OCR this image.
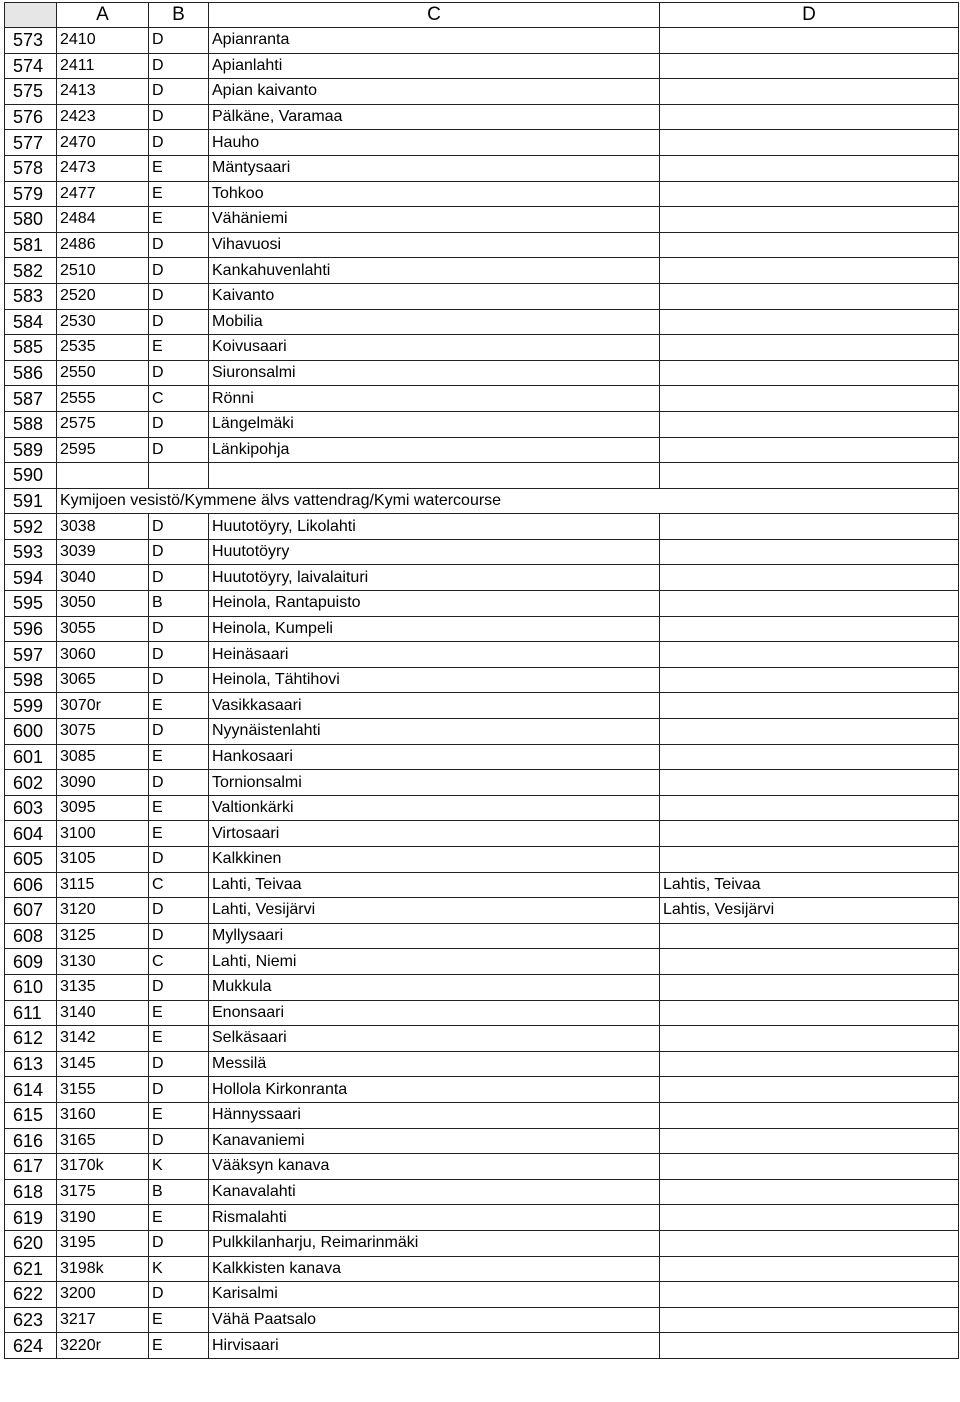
	A	B	C	D
573	2410	D	Apianranta	
574	2411	D	Apianlahti	
575	2413	D	Apian kaivanto	
576	2423	D	Pälkäne, Varamaa	
577	2470	D	Hauho	
578	2473	E	Mäntysaari	
579	2477	E	Tohkoo	
580	2484	E	Vähäniemi	
581	2486	D	Vihavuosi	
582	2510	D	Kankahuvenlahti	
583	2520	D	Kaivanto	
584	2530	D	Mobilia	
585	2535	E	Koivusaari	
586	2550	D	Siuronsalmi	
587	2555	C	Rönni	
588	2575	D	Längelmäki	
589	2595	D	Länkipohja	
590				
591	Kymijoen vesistö/Kymmene älvs vattendrag/Kymi watercourse			
592	3038	D	Huutotöyry, Likolahti	
593	3039	D	Huutotöyry	
594	3040	D	Huutotöyry, laivalaituri	
595	3050	B	Heinola, Rantapuisto	
596	3055	D	Heinola, Kumpeli	
597	3060	D	Heinäsaari	
598	3065	D	Heinola, Tähtihovi	
599	3070r	E	Vasikkasaari	
600	3075	D	Nyynäistenlahti	
601	3085	E	Hankosaari	
602	3090	D	Tornionsalmi	
603	3095	E	Valtionkärki	
604	3100	E	Virtosaari	
605	3105	D	Kalkkinen	
606	3115	C	Lahti, Teivaa	Lahtis, Teivaa
607	3120	D	Lahti, Vesijärvi	Lahtis, Vesijärvi
608	3125	D	Myllysaari	
609	3130	C	Lahti, Niemi	
610	3135	D	Mukkula	
611	3140	E	Enonsaari	
612	3142	E	Selkäsaari	
613	3145	D	Messilä	
614	3155	D	Hollola Kirkonranta	
615	3160	E	Hännyssaari	
616	3165	D	Kanavaniemi	
617	3170k	K	Vääksyn kanava	
618	3175	B	Kanavalahti	
619	3190	E	Rismalahti	
620	3195	D	Pulkkilanharju, Reimarinmäki	
621	3198k	K	Kalkkisten kanava	
622	3200	D	Karisalmi	
623	3217	E	Vähä Paatsalo	
624	3220r	E	Hirvisaari	
